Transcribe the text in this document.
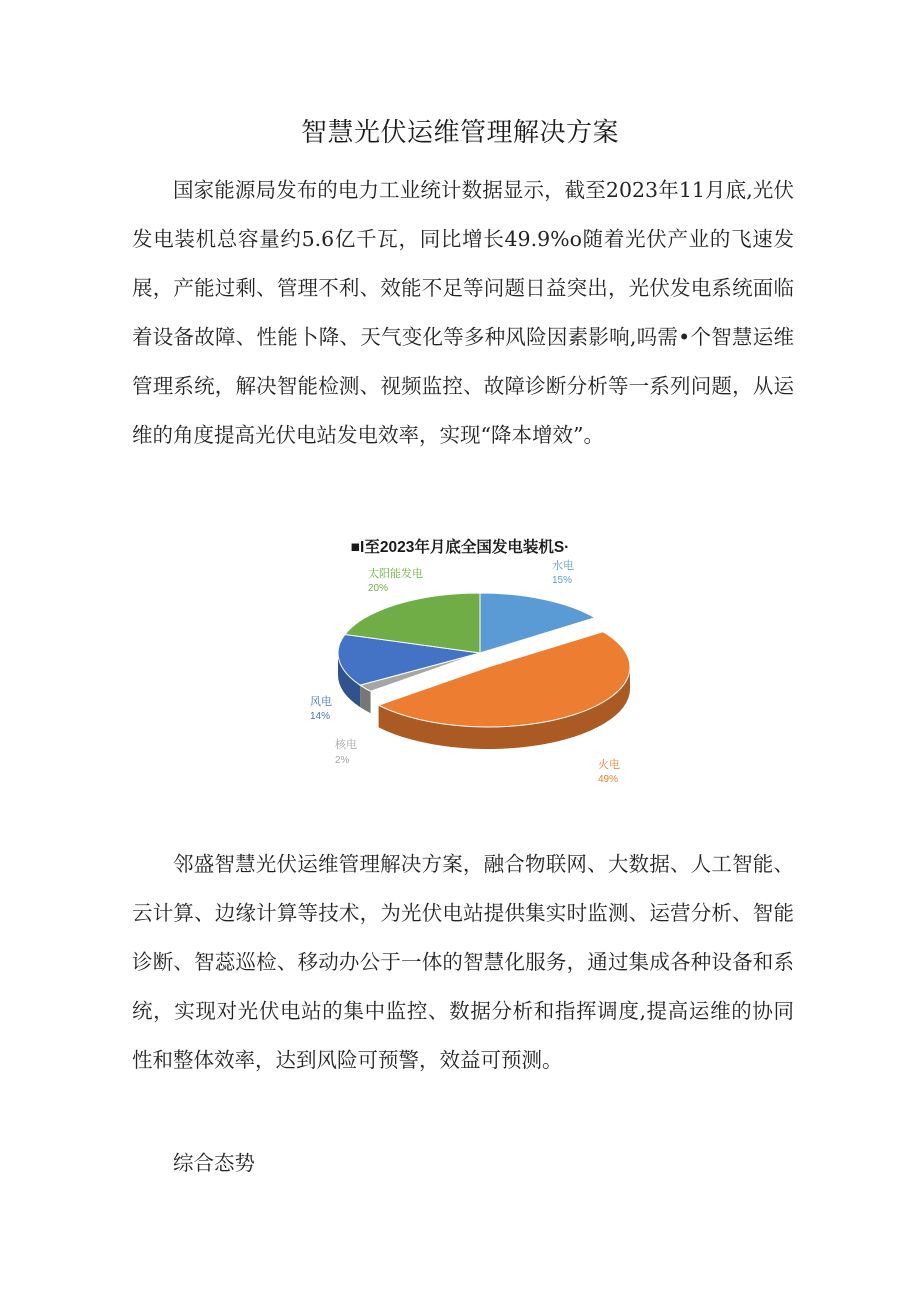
智慧光伏运维管理解决方案

国家能源局发布的电力工业统计数据显示，截至2023年11月底,光伏发电装机总容量约5.6亿千瓦，同比增长49.9%o随着光伏产业的飞速发展，产能过剩、管理不利、效能不足等问题日益突出，光伏发电系统面临着设备故障、性能卜降、天气变化等多种风险因素影响,吗需•个智慧运维管理系统，解决智能检测、视频监控、故障诊断分析等一系列问题，从运维的角度提高光伏电站发电效率，实现“降本增效”。

水电
15%
火电
49%
核电
2%
风电
14%
太阳能发电
20%
■I至2023年月底全国发电装机S·

邻盛智慧光伏运维管理解决方案，融合物联网、大数据、人工智能、云计算、边缘计算等技术，为光伏电站提供集实时监测、运营分析、智能诊断、智蕊巡检、移动办公于一体的智慧化服务，通过集成各种设备和系统，实现对光伏电站的集中监控、数据分析和指挥调度,提高运维的协同性和整体效率，达到风险可预警，效益可预测。

综合态势
